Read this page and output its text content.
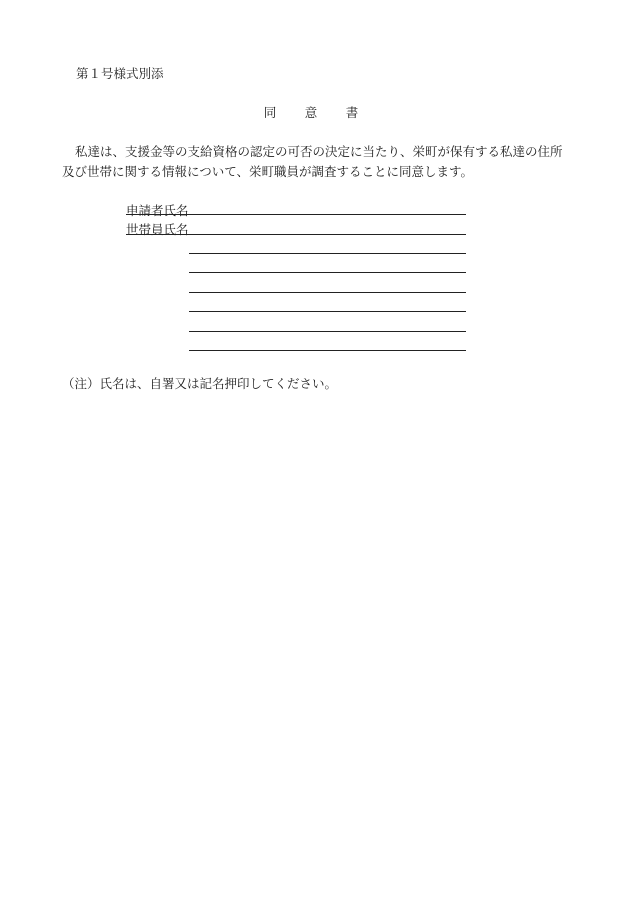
第１号様式別添
同　意　書

私達は、支援金等の支給資格の認定の可否の決定に当たり、栄町が保有する私達の住所

及び世帯に関する情報について、栄町職員が調査することに同意します。

申請者氏名
世帯員氏名
（注）氏名は、自署又は記名押印してください。
